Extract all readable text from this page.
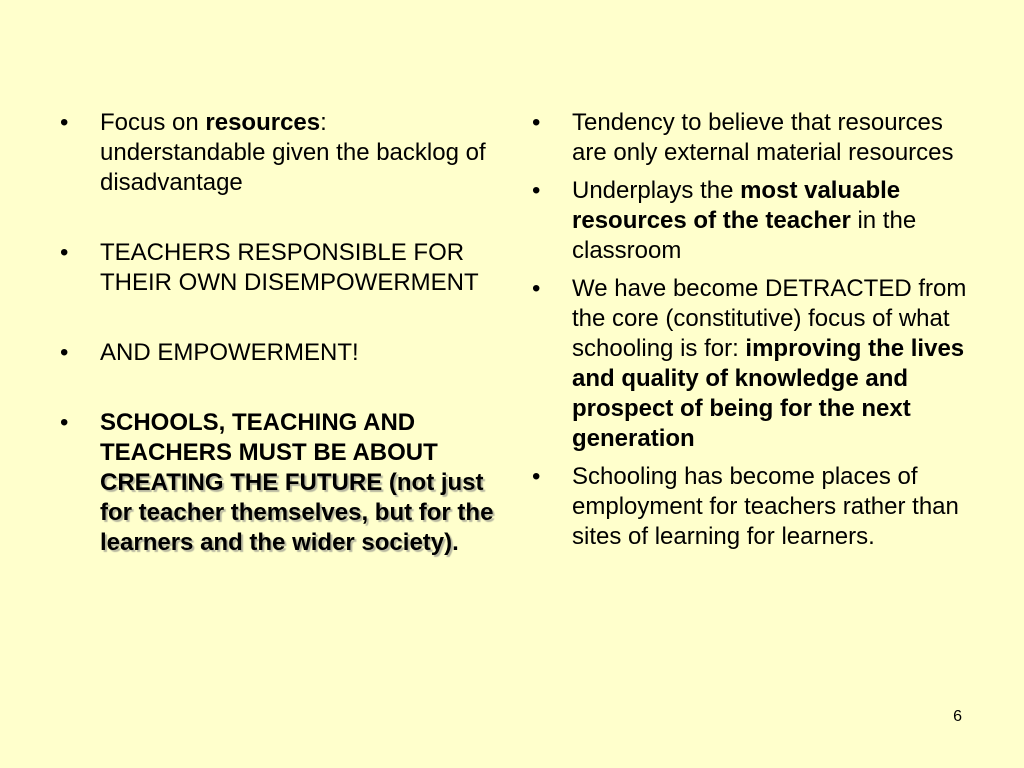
• Focus on resources: understandable given the backlog of disadvantage
• TEACHERS RESPONSIBLE FOR THEIR OWN DISEMPOWERMENT
• AND EMPOWERMENT!
• SCHOOLS, TEACHING AND TEACHERS MUST BE ABOUT CREATING THE FUTURE (not just for teacher themselves, but for the learners and the wider society).
• Tendency to believe that resources are only external material resources
• Underplays the most valuable resources of the teacher in the classroom
• We have become DETRACTED from the core (constitutive) focus of what schooling is for: improving the lives and quality of knowledge and prospect of being for the next generation
• Schooling has become places of employment for teachers rather than sites of learning for learners.
6
